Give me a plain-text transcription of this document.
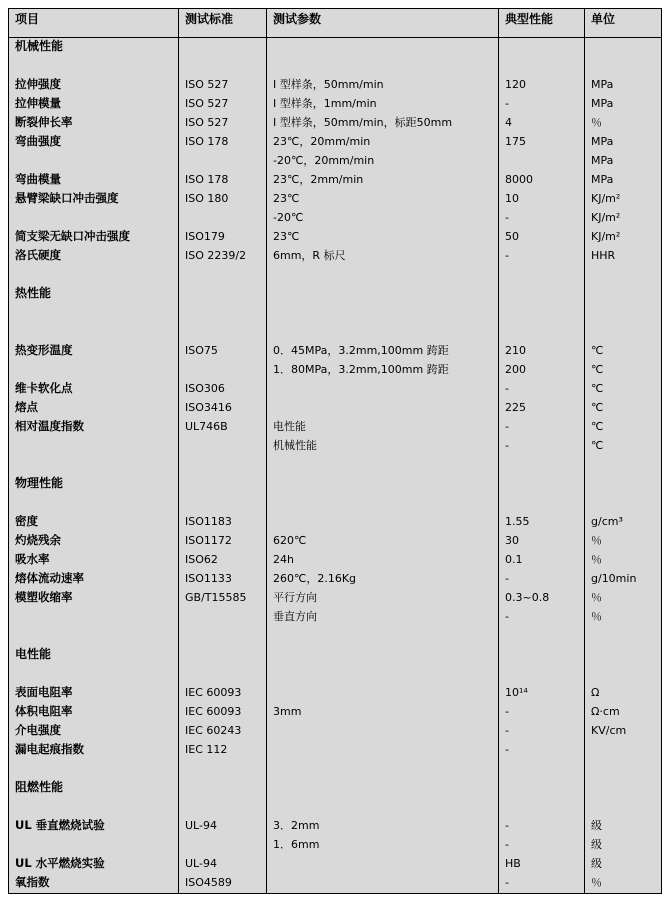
项目	测试标准	测试参数	典型性能	单位
机械性能				

拉伸强度	ISO 527	I 型样条，50mm/min	120	MPa
拉伸模量	ISO 527	I 型样条，1mm/min	-	MPa
断裂伸长率	ISO 527	I 型样条，50mm/min，标距50mm	4	％
弯曲强度	ISO 178	23℃，20mm/min	175	MPa
		-20℃，20mm/min		MPa
弯曲模量	ISO 178	23℃，2mm/min	8000	MPa
悬臂梁缺口冲击强度	ISO 180	23℃	10	KJ/m²
		-20℃	-	KJ/m²
简支梁无缺口冲击强度	ISO179	23℃	50	KJ/m²
洛氏硬度	ISO 2239/2	6mm，R 标尺	-	HHR

热性能				

热变形温度	ISO75	0．45MPa，3.2mm,100mm 跨距	210	℃
		1．80MPa，3.2mm,100mm 跨距	200	℃
维卡软化点	ISO306		-	℃
熔点	ISO3416		225	℃
相对温度指数	UL746B	电性能	-	℃
		机械性能	-	℃

物理性能				

密度	ISO1183		1.55	g/cm³
灼烧残余	ISO1172	620℃	30	％
吸水率	ISO62	24h	0.1	％
熔体流动速率	ISO1133	260℃，2.16Kg	-	g/10min
模塑收缩率	GB/T15585	平行方向	0.3~0.8	％
		垂直方向	-	％

电性能				

表面电阻率	IEC 60093		10¹⁴	Ω
体积电阻率	IEC 60093	3mm	-	Ω·cm
介电强度	IEC 60243		-	KV/cm
漏电起痕指数	IEC 112		-	

阻燃性能				

UL 垂直燃烧试验	UL-94	3．2mm	-	级
		1．6mm	-	级
UL 水平燃烧实验	UL-94		HB	级
氧指数	ISO4589		-	％
